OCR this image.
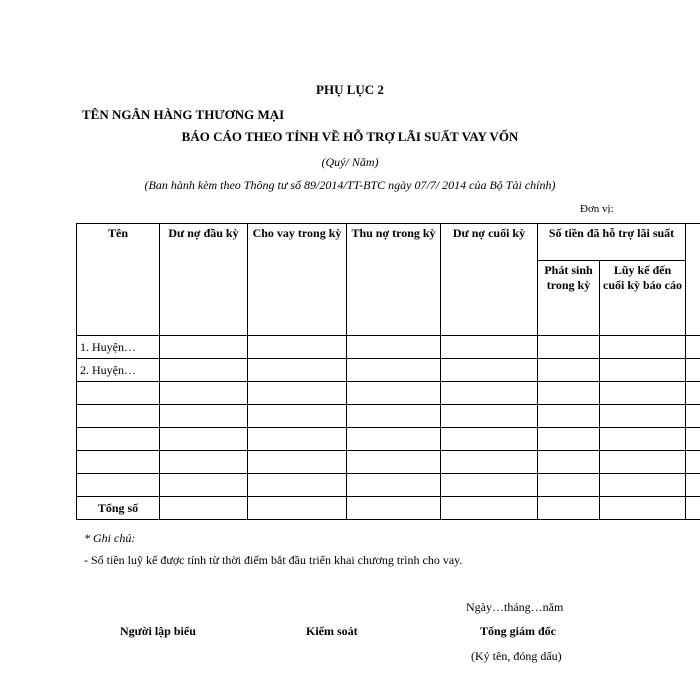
PHỤ LỤC 2
TÊN NGÂN HÀNG THƯƠNG MẠI
BÁO CÁO THEO TỈNH VỀ HỖ TRỢ LÃI SUẤT VAY VỐN
(Quý/ Năm)
(Ban hành kèm theo Thông tư số 89/2014/TT-BTC ngày 07/7/ 2014 của Bộ Tài chính)
Đơn vị:
Tên	Dư nợ đầu kỳ	Cho vay trong kỳ	Thu nợ trong kỳ	Dư nợ cuối kỳ	Số tiền đã hỗ trợ lãi suất		
					Phát sinh trong kỳ	Lũy kế đến cuối kỳ báo cáo	
1. Huyện…							
2. Huyện…							

Tổng số							
* Ghi chú:
- Số tiền luỹ kế được tính từ thời điểm bắt đầu triển khai chương trình cho vay.
Ngày…tháng…năm
Người lập biểu	Kiểm soát	Tổng giám đốc
(Ký tên, đóng dấu)
